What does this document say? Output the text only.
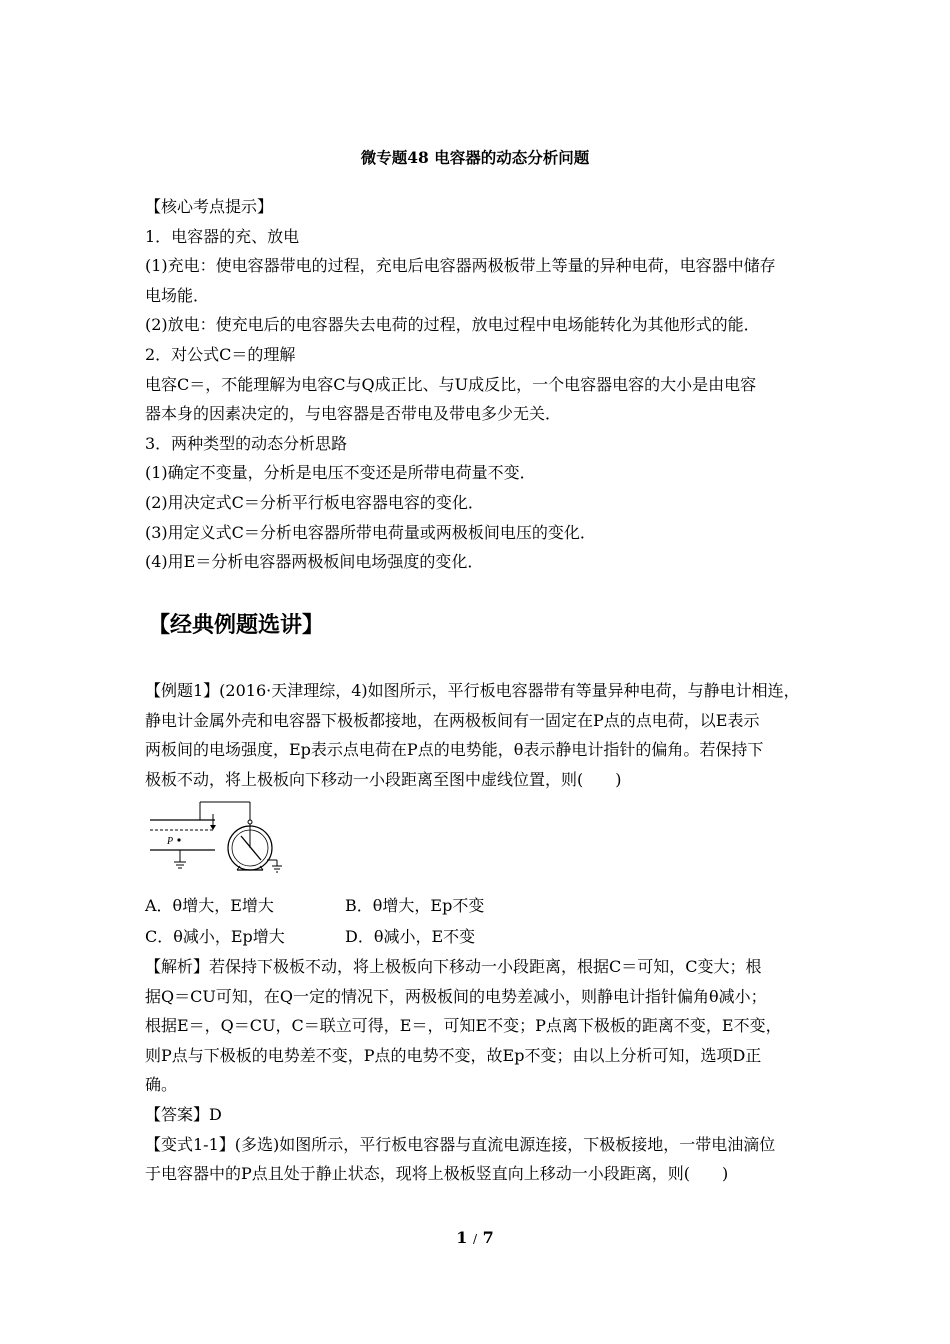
微专题48 电容器的动态分析问题
【核心考点提示】
1．电容器的充、放电
(1)充电：使电容器带电的过程，充电后电容器两极板带上等量的异种电荷，电容器中储存
电场能．
(2)放电：使充电后的电容器失去电荷的过程，放电过程中电场能转化为其他形式的能．
2．对公式C＝的理解
电容C＝，不能理解为电容C与Q成正比、与U成反比，一个电容器电容的大小是由电容
器本身的因素决定的，与电容器是否带电及带电多少无关．
3．两种类型的动态分析思路
(1)确定不变量，分析是电压不变还是所带电荷量不变．
(2)用决定式C＝分析平行板电容器电容的变化．
(3)用定义式C＝分析电容器所带电荷量或两极板间电压的变化．
(4)用E＝分析电容器两极板间电场强度的变化．
【经典例题选讲】
【例题1】(2016·天津理综，4)如图所示，平行板电容器带有等量异种电荷，与静电计相连，
静电计金属外壳和电容器下极板都接地，在两极板间有一固定在P点的点电荷，以E表示
两板间的电场强度，Ep表示点电荷在P点的电势能，θ表示静电计指针的偏角。若保持下
极板不动，将上极板向下移动一小段距离至图中虚线位置，则(　　)
P
A．θ增大，E增大	B．θ增大，Ep不变
C．θ减小，Ep增大	D．θ减小，E不变
【解析】若保持下极板不动，将上极板向下移动一小段距离，根据C＝可知，C变大；根
据Q＝CU可知，在Q一定的情况下，两极板间的电势差减小，则静电计指针偏角θ减小；
根据E＝，Q＝CU，C＝联立可得，E＝，可知E不变；P点离下极板的距离不变，E不变，
则P点与下极板的电势差不变，P点的电势不变，故Ep不变；由以上分析可知，选项D正
确。
【答案】D
【变式1-1】(多选)如图所示，平行板电容器与直流电源连接，下极板接地，一带电油滴位
于电容器中的P点且处于静止状态，现将上极板竖直向上移动一小段距离，则(　　)
1 / 7
